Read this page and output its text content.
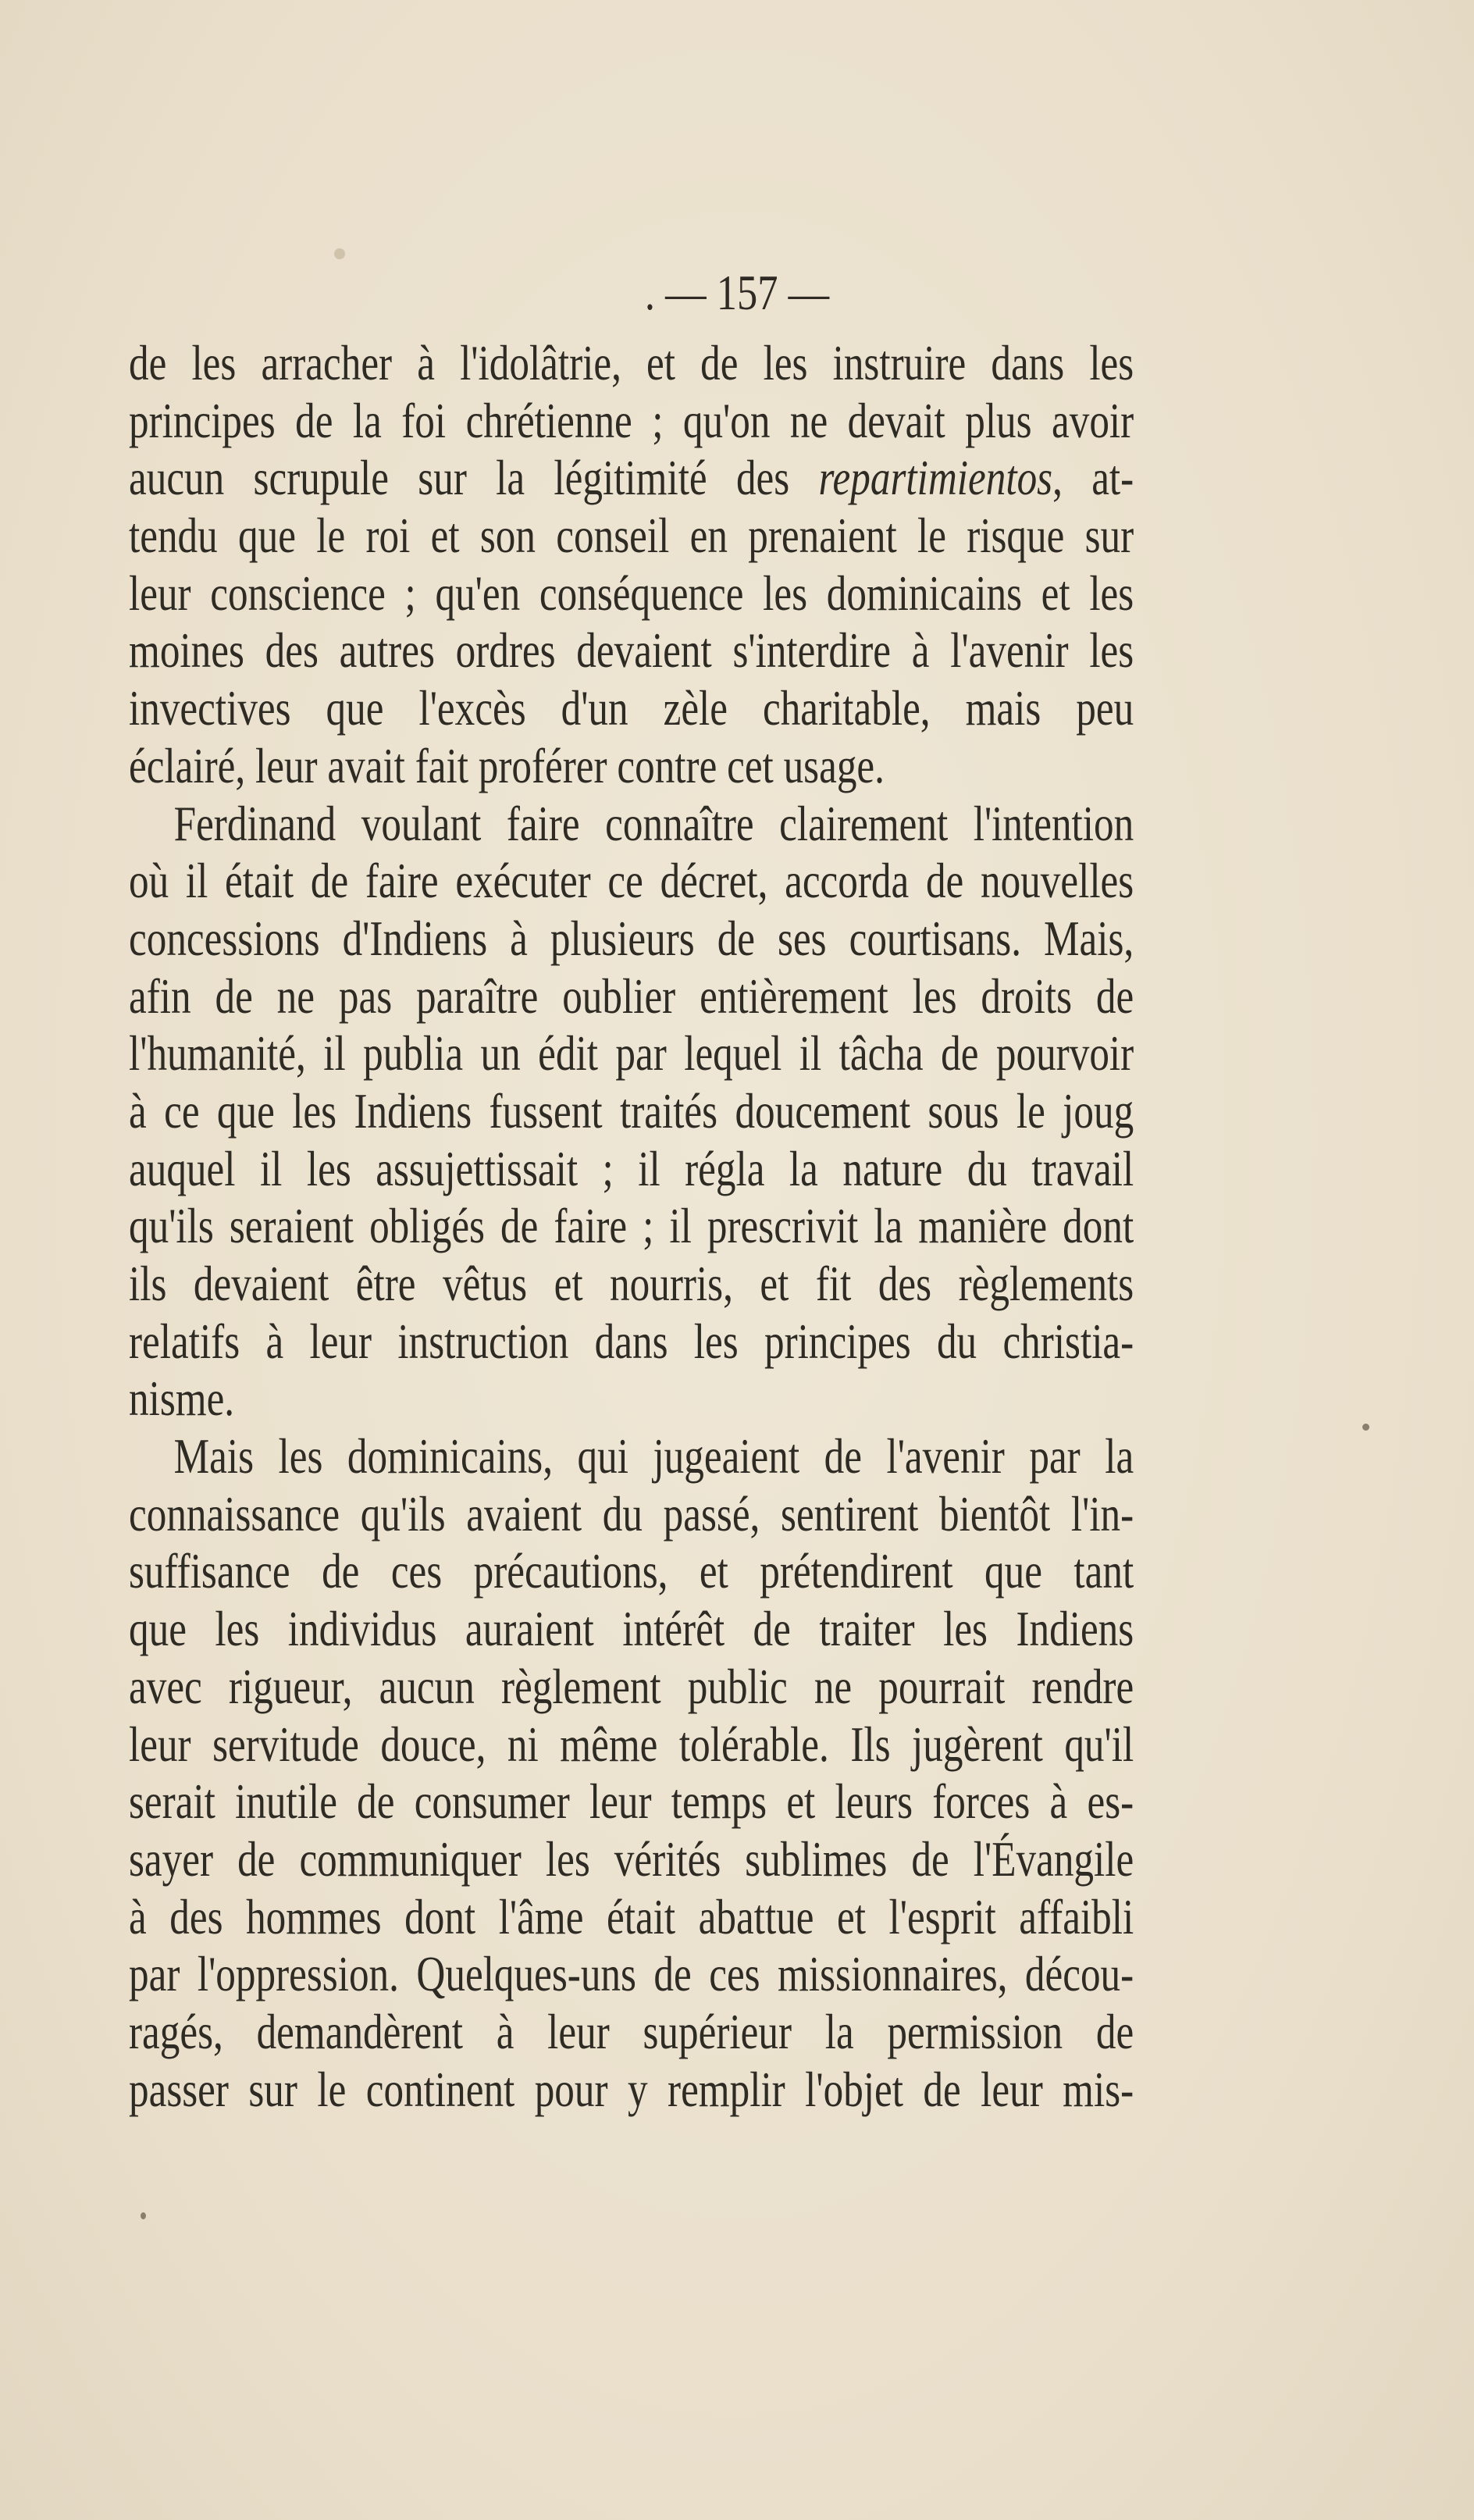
. — 157 —
de les arracher à l'idolâtrie, et de les instruire dans les
principes de la foi chrétienne ; qu'on ne devait plus avoir
aucun scrupule sur la légitimité des repartimientos, at-
tendu que le roi et son conseil en prenaient le risque sur
leur conscience ; qu'en conséquence les dominicains et les
moines des autres ordres devaient s'interdire à l'avenir les
invectives que l'excès d'un zèle charitable, mais peu
éclairé, leur avait fait proférer contre cet usage.
Ferdinand voulant faire connaître clairement l'intention
où il était de faire exécuter ce décret, accorda de nouvelles
concessions d'Indiens à plusieurs de ses courtisans. Mais,
afin de ne pas paraître oublier entièrement les droits de
l'humanité, il publia un édit par lequel il tâcha de pourvoir
à ce que les Indiens fussent traités doucement sous le joug
auquel il les assujettissait ; il régla la nature du travail
qu'ils seraient obligés de faire ; il prescrivit la manière dont
ils devaient être vêtus et nourris, et fit des règlements
relatifs à leur instruction dans les principes du christia-
nisme.
Mais les dominicains, qui jugeaient de l'avenir par la
connaissance qu'ils avaient du passé, sentirent bientôt l'in-
suffisance de ces précautions, et prétendirent que tant
que les individus auraient intérêt de traiter les Indiens
avec rigueur, aucun règlement public ne pourrait rendre
leur servitude douce, ni même tolérable. Ils jugèrent qu'il
serait inutile de consumer leur temps et leurs forces à es-
sayer de communiquer les vérités sublimes de l'Évangile
à des hommes dont l'âme était abattue et l'esprit affaibli
par l'oppression. Quelques-uns de ces missionnaires, décou-
ragés, demandèrent à leur supérieur la permission de
passer sur le continent pour y remplir l'objet de leur mis-
